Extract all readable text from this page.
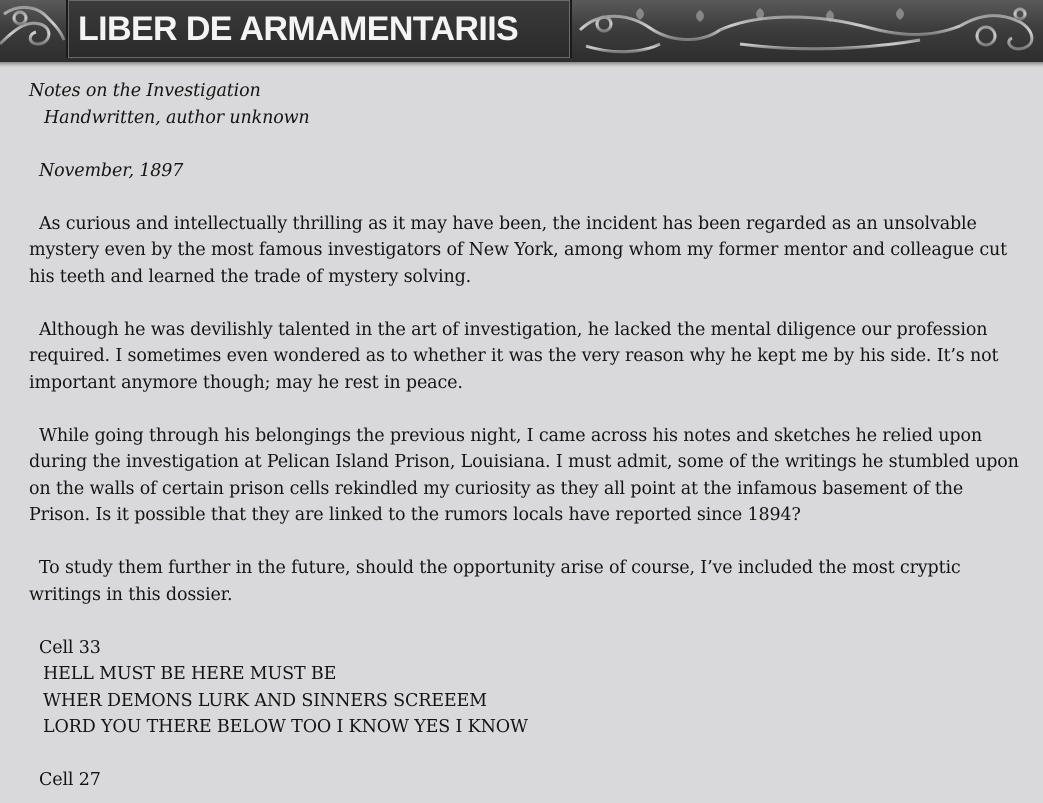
LIBER DE ARMAMENTARIIS
Notes on the Investigation
Handwritten, author unknown
November, 1897
As curious and intellectually thrilling as it may have been, the incident has been regarded as an unsolvable
mystery even by the most famous investigators of New York, among whom my former mentor and colleague cut
his teeth and learned the trade of mystery solving.
Although he was devilishly talented in the art of investigation, he lacked the mental diligence our profession
required. I sometimes even wondered as to whether it was the very reason why he kept me by his side. It’s not
important anymore though; may he rest in peace.
While going through his belongings the previous night, I came across his notes and sketches he relied upon
during the investigation at Pelican Island Prison, Louisiana. I must admit, some of the writings he stumbled upon
on the walls of certain prison cells rekindled my curiosity as they all point at the infamous basement of the
Prison. Is it possible that they are linked to the rumors locals have reported since 1894?
To study them further in the future, should the opportunity arise of course, I’ve included the most cryptic
writings in this dossier.
Cell 33
HELL MUST BE HERE MUST BE
WHER DEMONS LURK AND SINNERS SCREEEM
LORD YOU THERE BELOW TOO I KNOW YES I KNOW
Cell 27
